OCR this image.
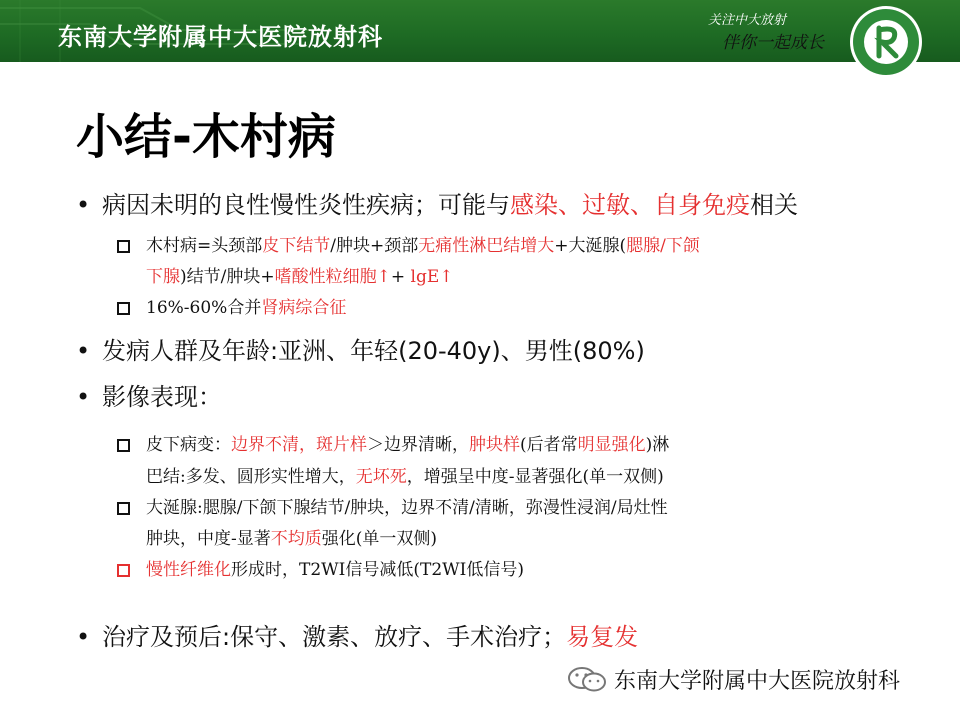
东南大学附属中大医院放射科
关注中大放射
伴你一起成长
小结-木村病
• 病因未明的良性慢性炎性疾病；可能与感染、过敏、自身免疫相关
木村病=头颈部皮下结节/肿块+颈部无痛性淋巴结增大+大涎腺(腮腺/下颌
下腺)结节/肿块+嗜酸性粒细胞↑+ lgE↑
16%-60%合并肾病综合征
• 发病人群及年龄:亚洲、年轻(20-40y)、男性(80%)
• 影像表现：
皮下病变：边界不清，斑片样＞边界清晰，肿块样(后者常明显强化)淋
巴结:多发、圆形实性增大，无坏死，增强呈中度-显著强化(单一双侧)
大涎腺:腮腺/下颌下腺结节/肿块，边界不清/清晰，弥漫性浸润/局灶性
肿块，中度-显著不均质强化(单一双侧)
慢性纤维化形成时，T2WI信号减低(T2WI低信号)
• 治疗及预后:保守、激素、放疗、手术治疗；易复发
东南大学附属中大医院放射科
